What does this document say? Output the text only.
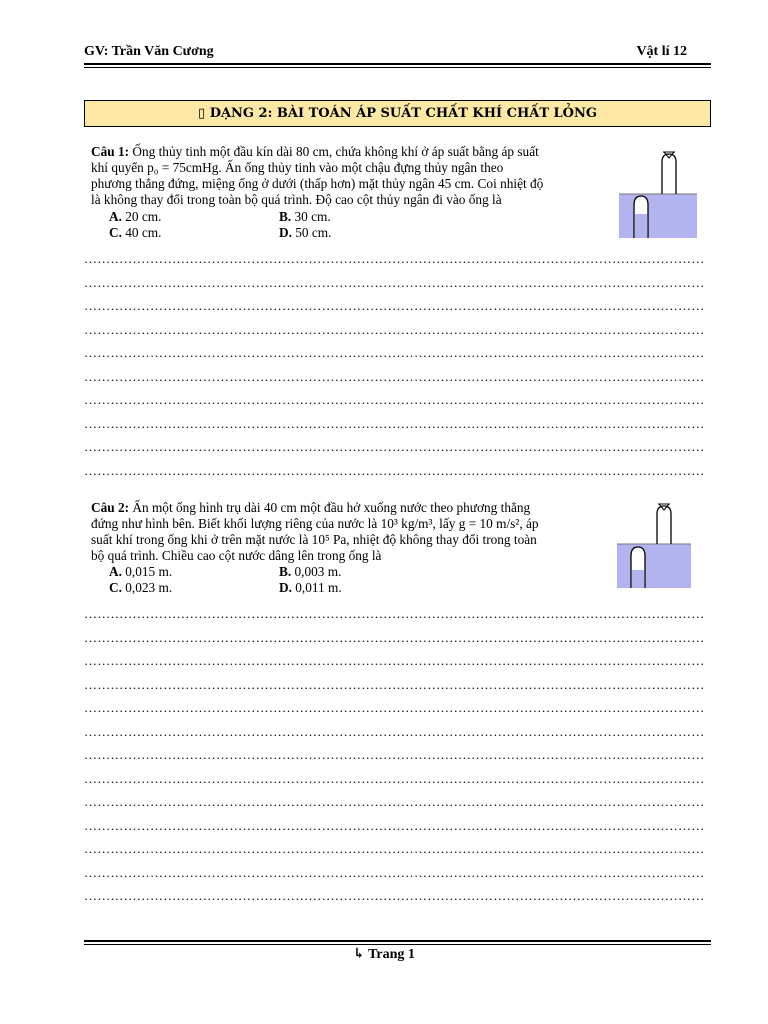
GV: Trần Văn Cương	Vật lí 12
▯ DẠNG 2: BÀI TOÁN ÁP SUẤT CHẤT KHÍ CHẤT LỎNG
Câu 1: Ống thủy tinh một đầu kín dài 80 cm, chứa không khí ở áp suất bằng áp suất
khí quyển p₀ = 75cmHg. Ấn ống thủy tinh vào một chậu đựng thủy ngân theo
phương thẳng đứng, miệng ống ở dưới (thấp hơn) mặt thủy ngân 45 cm. Coi nhiệt độ
là không thay đổi trong toàn bộ quá trình. Độ cao cột thủy ngân đi vào ống là
A. 20 cm.	B. 30 cm.
C. 40 cm.	D. 50 cm.
……………………………………………………………………………………………………………………………
……………………………………………………………………………………………………………………………
……………………………………………………………………………………………………………………………
……………………………………………………………………………………………………………………………
……………………………………………………………………………………………………………………………
……………………………………………………………………………………………………………………………
……………………………………………………………………………………………………………………………
……………………………………………………………………………………………………………………………
……………………………………………………………………………………………………………………………
……………………………………………………………………………………………………………………………
Câu 2: Ấn một ống hình trụ dài 40 cm một đầu hở xuống nước theo phương thẳng
đứng như hình bên. Biết khối lượng riêng của nước là 10³ kg/m³, lấy g = 10 m/s², áp
suất khí trong ống khi ở trên mặt nước là 10⁵ Pa, nhiệt độ không thay đổi trong toàn
bộ quá trình. Chiều cao cột nước dâng lên trong ống là
A. 0,015 m.	B. 0,003 m.
C. 0,023 m.	D. 0,011 m.
……………………………………………………………………………………………………………………………
……………………………………………………………………………………………………………………………
……………………………………………………………………………………………………………………………
……………………………………………………………………………………………………………………………
……………………………………………………………………………………………………………………………
……………………………………………………………………………………………………………………………
……………………………………………………………………………………………………………………………
……………………………………………………………………………………………………………………………
……………………………………………………………………………………………………………………………
……………………………………………………………………………………………………………………………
……………………………………………………………………………………………………………………………
……………………………………………………………………………………………………………………………
……………………………………………………………………………………………………………………………
↳ Trang 1
